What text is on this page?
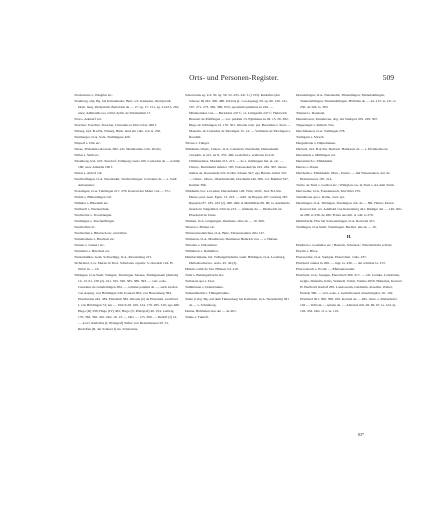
Orts- und Personen-Register.	509

Trachenarre s. Wasgfen etc.

Trautberg, abg. Bg. bei Kittsamedor, Burr. a.S. Kempten, Orebayradt, Dreb. burg, Drsfpnrrih. Bertoldus de — 17. sg. 17. 151. sg. 214/15. 281; unor; Adilhaidis Ga. Ulrici dyhli. de Wartheimm 17.

Trau s. Adeberf vol.

Trescher, Trescher, Trescher, Cunradus et Ulrica frsr. 466 f.

Triberg, bsd. B.a.Hs. Triberg. Burk. hard ein vdte. von is. 250.

Truttberger, O.A. Solz, Truhlingese 429.

Trispelf s. Ulle etc.

Triese, Tridentina diocesis. 062. adv. Meiahardus com. Tirolis.

Trilles s. Skill etc.

Trientberg, bsd. O.E. Sturdorf, Trimperg castra 160. Conradus de — nobilis 160; uxor Alhaidis 160 f.

Tristel s. Aldorf vdr.

Truchtelfingen, O.A. Neresheim, Truchtelvingen. Conradus de — s. Sulli Anbaensler.

Trossingen, O.A. Tuttlingen 217. 278. Konrad der Maier von — 371.

Trubin s. Büttenlingen vdl.

Trühnler s. Bibenuik etc.

Trulbardt s. Wertsetchuk.

Truchtelrtz s. Trossbnugen.

Truthingen s. Truchtelfingen.

Truchtolfen 21.

Truchtelten s. Biberach etc. und mber.

Trutalnamare s. Bruchsal etc.

Trutner s. Ginserr etc.

Trutualtre s. Bruchsal etc.

Trutzemuiller, Gem. Schweiligg, O.A. Ravensburg 215.

Tschirland, L.G. Meran in Tirol, Schirland, capella. S. Oswaldi 124. H. Natur in — 16.

Tübingen, O.A.Stadt, Tuingen, Tiuwingen. Mones, Tubingensem (damals) 14. 13. 61. 158 (2). 221. 325. 326. 365. 386. 393. — vert. ecde. Cunradus de Gundeltingen 384. — comites palatini de —, auch Grafen von Asperg, von Böblingen 249. Konrad 384; von Herrenberg 384. Eberhardus 242. 384. Elisabeth 384. Ottonis (2) de Eberstein. Gottfried I. von Böblingen 74; zur — Ulrich 28. 109. 124. 179. 285. 310; ego 480. Hugo (II) 330; Hugo (IV) 481; Hugo (V, Pfalzgraf) 40. 254. Ludwig 170. 364. 365. 401. Otto 16. 13. — Otto — 115. 300. — Rudolf (I) 14. — 414 f. Rudolfus (I, Pfalzgraf) Stifter von Bebenhausen 50. 51. Rudolfus (II, der Scherer I) iss. Scherartus,

Scherrartus sg. 2/4. 50. sg. 50. 52. 225. 241 f. (†133). Rudolfus (der Scherer II) 242. 300. 480. Ulricus (I. von Asperg) 29. sg. 66. 140. 141. 167. 271. 273. 382. 389. N.N. quondam palatinus in 229. — Ministeriales von — Bertoldus 247 f.; ca. Lüttgardis 247 f.; Heinwich Bressart de Pfaffingen — vor. palatini 13. Eginhlaus in 49. 15. 26. 382. Hugo de Schlungen 13. 176. 501. Ottonis com. pal. Bertoldus s. Stett. — Mauerin. de Cunradus de Tüwingen 15. 14. — Volmarus de Tüwingen s. Rossmit.

Tücass s. Tüngel.

Türkheim, Oberr., Unterr., O.A. Cannstatt, Durcheim, Durnesheim. vicepleb. ia 215. zu fi. 255. 400. Godefrid s. scultetus in 210. Ulllmnarintes, Marktin 215. 215. — de s. Zeillungen hal. et. etc. — Unterr., Durrnheim inferior 185. Nobeaederichs 222. 262. 367. moses mallsa de. Rosenstein 222. Koller Johann 347; ego Bruder Albert 347. — Oberr., Oberr., Oberdurrheim, Dorrheim 240. 306. col. Bamhut 327. Kemler 396.

Türkheim, bor. a.O.Alen, Durrenheim 128. Türn, Wolf., bsd. B.a.Stn. Durne, pud. zeen. Egen. 13. 223. — nebl. de Bopper 267. Ludwig 267. Rupertus 87. 185. 434 (2). 480. 496; ia Mehlibilde 89. 86; ia. Adelheida monda in Salgenthal. Ulricus 213. — minister de — Hedewich ux. Eberhardi de Tanis.

Türmen, O.A. Göppingen, Durmene. Otto de — 10. 360.

Tibwen s. Bruber etc.

Türnwenwaltaichen, O.A. Bulz, Türnenwaiden villa 147.

Türmerau, O.A. Maulbronn, Durmerau Heinrich von — s. Hafsen.

Türraber s. Durrrenber.

Tüllinbren s. Dammbor.

Duktbachmann, bsl. Tulbeigeblubelin, Gem. Böhingen, O.A. Leonberg, Dullenbacherwo. nodo. 45. 49 (2).

Dulkin comit de Sus. Hilisser bd. 418.

Tulle s. Beisingenbachi ebc.

Tullonata spa s. Teal.

Tumhrunne s. Donnbrunne.

Tumazimerim s. Thüngebrahno.

Tunis (t abg. Bg. auf dem Tünsenberg bei Kalburen, O.A. Neresheim) 361 de — s. Schönberg.

Danne, Hohinnen don der — de 401.

Tunne s. Tunisfl.

Donnstlingen, O.A. Neresheim, Tünnstlingen, Tünnebahlingen, Tunnebahlingen, Tunnebahlingen. Höllölan de — 44. 213. is. 211. to 250. de 326. is. 303.

Tünsterl s. Donnstel.

Dunnshoven, Tunnhoven, abg. bei Stuttgart 205. 229. 307.

Tüppenagel s. Rethelt. Not.

Durchhausen, O.A. Tuttlingen 278.

Turmgarn s. Sörsch.

Durgenbalte s. Düprehuisen.

Durlach, bsd. B.A.Stu. Durlach. Hainricus de — s. Pforzheim ete.

Duromarie s. Müllingen vol.

Durrenbach s. Thürkheim.

Durres s. Daren.

Durrheim s. Thürkheim, Ober-, Unterr. — mit Nanenstalen. dal. de Hohenzasces 187. 214.

Turris. de Turri s. Gonbol etc.; Wimgfon ros. in Turri s. An dem Turm.

Durrweiler, O.A. Freudenstadt, Turrviller 270.

Tuezalbone spa s. Roma, card. spi.

Dusslingen, O.A. Tübingen, Tusslingen. dal. de — 86f. Herter, Pastor: Konrad 441. ux. Adelhaid von Rottenburg 441. Rüdiger der — 149. Otto de 208. is 238. de 280. Frider ens mil. is 149. is 270.

Dutlinbecht, Flur bei Schwenningen, O.A. Rottweil 415.

Tuttlingen, O.A.Stadt, Tuttelingen. Berthol. ehe de — 10.

H.

Ehelinen s. Gosheiler etc.; Haslach, Schönrol.; Wilermorbrin schrrie.

Ebevin s. Bbve.

Ebersweiler, O.A. Saulgau, Eberevilen. volle. 437.

Eberhard cannes in 206. — ingr. ia. 430. — der schriber ia. 272.

Ebervosbach s. Evoth. — Eßmannsweiler.

Eberbach, O.A. Saulgau, Eberzbach 369. 217. — vdl. Cunika. Cohobidus, Grigis, Dubetila, Kilio, Vetherdi, Volizt, Volinte 2050. Huberius, Konrad H. Berthold, Rudolf 285. Landowetin, Lindsmin, Roschin, Walter, Enriele 369. — vert. ecke. s. Geberthonard wbnelalrgeler. vit. 102. Eberhard 301. 300. 368. 450. Konrad de — 485. viner. s. Maberhofer 102 — Volboni — nobele de. — Albertus mil. 28. 66. 67. ia. 124. ig. 126. 432. Otto 11 a. ia. 119.

83*
